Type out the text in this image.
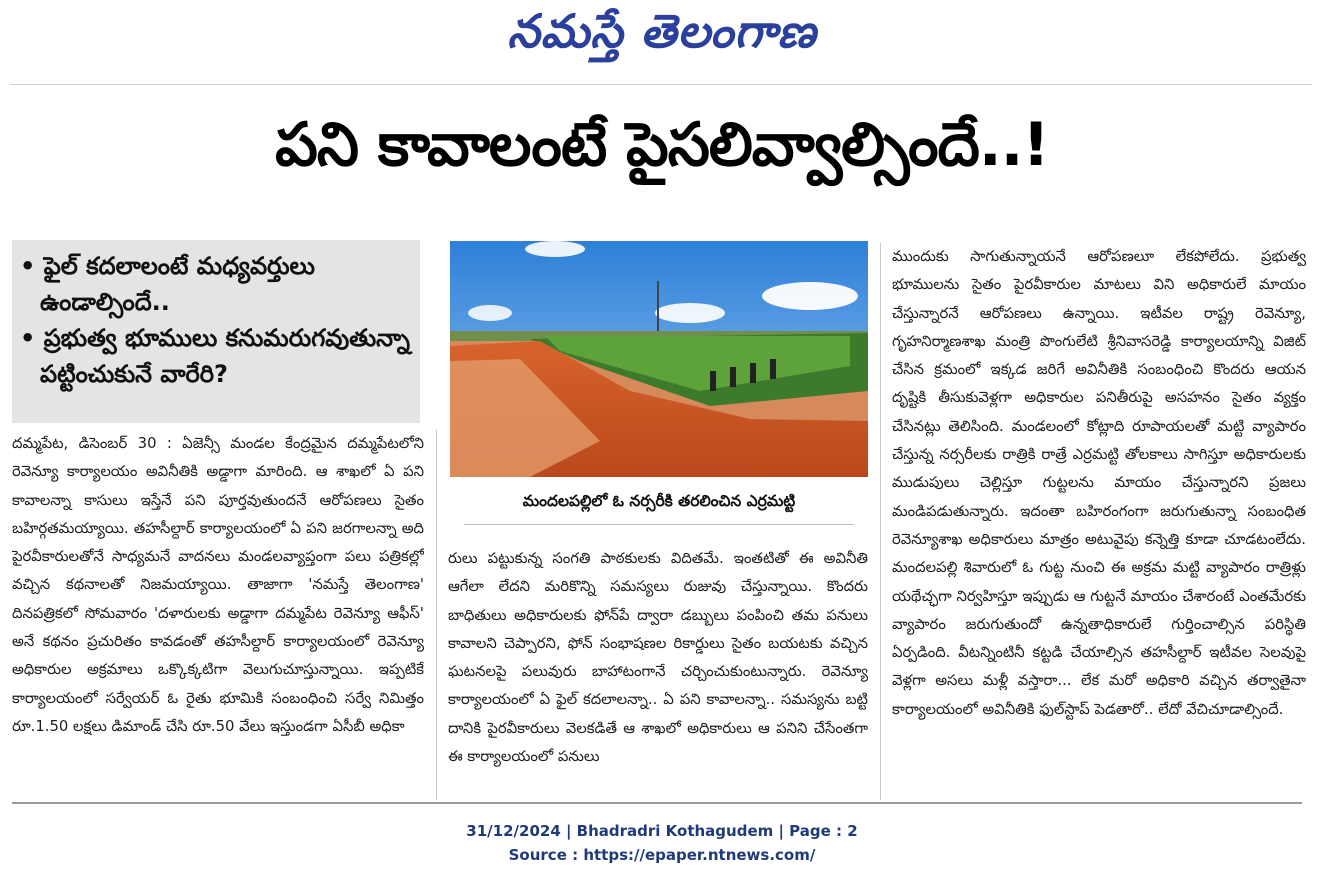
నమస్తే తెలంగాణ
పని కావాలంటే పైసలివ్వాల్సిందే..!

• ఫైల్ కదలాలంటే మధ్యవర్తులు ఉండాల్సిందే..

• ప్రభుత్వ భూములు కనుమరుగవుతున్నా పట్టించుకునే వారేరి?

దమ్మపేట, డిసెంబర్ 30 : ఏజెన్సీ మండల కేంద్రమైన దమ్మపేటలోని రెవెన్యూ కార్యాలయం అవినీతికి అడ్డాగా మారింది. ఆ శాఖలో ఏ పని కావాలన్నా కాసులు ఇస్తేనే పని పూర్తవుతుందనే ఆరోపణలు సైతం బహిర్గతమయ్యాయి. తహసీల్దార్ కార్యాలయంలో ఏ పని జరగాలన్నా అది పైరవీకారులతోనే సాధ్యమనే వాదనలు మండలవ్యాప్తంగా పలు పత్రికల్లో వచ్చిన కథనాలతో నిజమయ్యాయి. తాజాగా 'నమస్తే తెలంగాణ' దినపత్రికలో సోమవారం 'దళారులకు అడ్డాగా దమ్మపేట రెవెన్యూ ఆఫీస్' అనే కథనం ప్రచురితం కావడంతో తహసీల్దార్ కార్యాలయంలో రెవెన్యూ అధికారుల అక్రమాలు ఒక్కొక్కటిగా వెలుగుచూస్తున్నాయి. ఇప్పటికే కార్యాలయంలో సర్వేయర్ ఓ రైతు భూమికి సంబంధించి సర్వే నిమిత్తం రూ.1.50 లక్షలు డిమాండ్ చేసి రూ.50 వేలు ఇస్తుండగా ఏసీబీ అధికా
మందలపల్లిలో ఓ నర్సరీకి తరలించిన ఎర్రమట్టి
రులు పట్టుకున్న సంగతి పాఠకులకు విదితమే. ఇంతటితో ఈ అవినీతి ఆగేలా లేదని మరికొన్ని సమస్యలు రుజువు చేస్తున్నాయి. కొందరు బాధితులు అధికారులకు ఫోన్‌పే ద్వారా డబ్బులు పంపించి తమ పనులు కావాలని చెప్పారని, ఫోన్ సంభాషణల రికార్డులు సైతం బయటకు వచ్చిన ఘటనలపై పలువురు బాహాటంగానే చర్చించుకుంటున్నారు. రెవెన్యూ కార్యాలయంలో ఏ ఫైల్ కదలాలన్నా.. ఏ పని కావాలన్నా.. సమస్యను బట్టి దానికి పైరవీకారులు వెలకడితే ఆ శాఖలో అధికారులు ఆ పనిని చేసేంతగా ఈ కార్యాలయంలో పనులు
ముందుకు సాగుతున్నాయనే ఆరోపణలూ లేకపోలేదు. ప్రభుత్వ భూములను సైతం పైరవీకారుల మాటలు విని అధికారులే మాయం చేస్తున్నారనే ఆరోపణలు ఉన్నాయి. ఇటీవల రాష్ట్ర రెవెన్యూ, గృహనిర్మాణశాఖ మంత్రి పొంగులేటి శ్రీనివాసరెడ్డి కార్యాలయాన్ని విజిట్ చేసిన క్రమంలో ఇక్కడ జరిగే అవినీతికి సంబంధించి కొందరు ఆయన దృష్టికి తీసుకువెళ్లగా అధికారుల పనితీరుపై అసహనం సైతం వ్యక్తం చేసినట్లు తెలిసింది. మండలంలో కోట్లాది రూపాయలతో మట్టి వ్యాపారం చేస్తున్న నర్సరీలకు రాత్రికి రాత్రే ఎర్రమట్టి తోలకాలు సాగిస్తూ అధికారులకు ముడుపులు చెల్లిస్తూ గుట్టలను మాయం చేస్తున్నారని ప్రజలు మండిపడుతున్నారు. ఇదంతా బహిరంగంగా జరుగుతున్నా సంబంధిత రెవెన్యూశాఖ అధికారులు మాత్రం అటువైపు కన్నెత్తి కూడా చూడటంలేదు. మందలపల్లి శివారులో ఓ గుట్ట నుంచి ఈ అక్రమ మట్టి వ్యాపారం రాత్రిళ్లు యథేచ్ఛగా నిర్వహిస్తూ ఇప్పుడు ఆ గుట్టనే మాయం చేశారంటే ఎంతమేరకు వ్యాపారం జరుగుతుందో ఉన్నతాధికారులే గుర్తించాల్సిన పరిస్థితి ఏర్పడింది. వీటన్నింటినీ కట్టడి చేయాల్సిన తహసీల్దార్ ఇటీవల సెలవుపై వెళ్లగా అసలు మళ్లీ వస్తారా... లేక మరో అధికారి వచ్చిన తర్వాతైనా కార్యాలయంలో అవినీతికి ఫుల్‌స్టాప్ పెడతారో.. లేదో వేచిచూడాల్సిందే.
31/12/2024 | Bhadradri Kothagudem | Page : 2
Source : https://epaper.ntnews.com/
